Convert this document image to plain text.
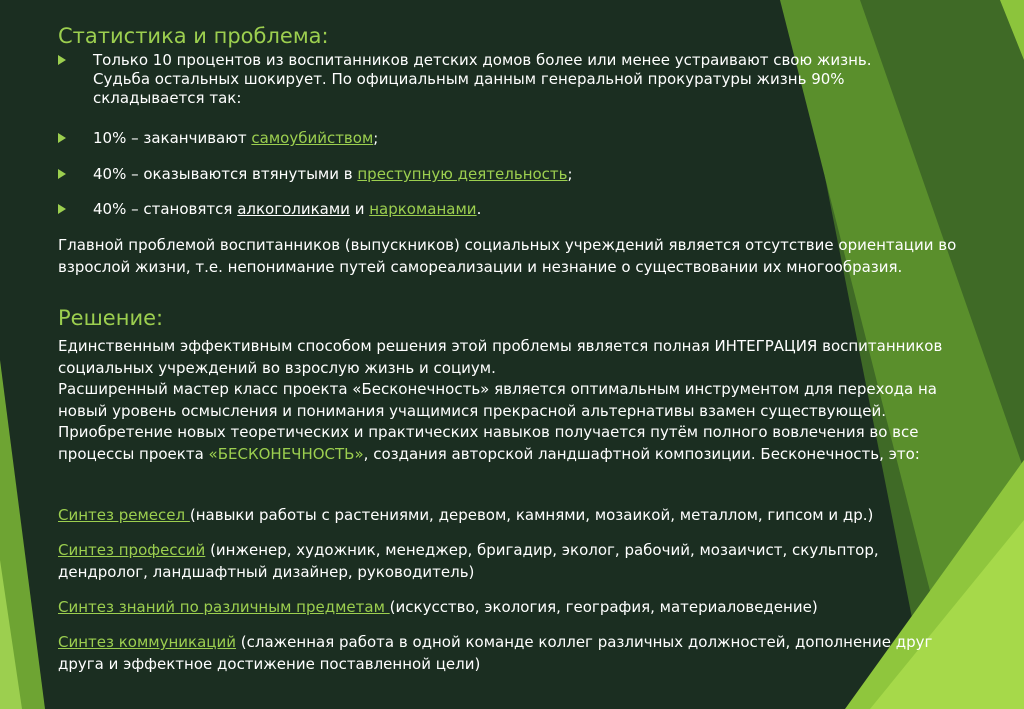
Статистика и проблема:
Только 10 процентов из воспитанников детских домов более или менее устраивают свою жизнь. Судьба остальных шокирует. По официальным данным генеральной прокуратуры жизнь 90% складывается так:
10% – заканчивают самоубийством;
40% – оказываются втянутыми в преступную деятельность;
40% – становятся алкоголиками и наркоманами.
Главной проблемой воспитанников (выпускников) социальных учреждений является отсутствие ориентации во взрослой жизни, т.е. непонимание путей самореализации и незнание о существовании их многообразия.
Решение:
Единственным эффективным способом решения этой проблемы является полная ИНТЕГРАЦИЯ воспитанников социальных учреждений во взрослую жизнь и социум.
Расширенный мастер класс проекта «Бесконечность» является оптимальным инструментом для перехода на новый уровень осмысления и понимания учащимися прекрасной альтернативы взамен существующей. Приобретение новых теоретических и практических навыков получается путём полного вовлечения во все процессы проекта «БЕСКОНЕЧНОСТЬ», создания авторской ландшафтной композиции. Бесконечность, это:
Синтез ремесел (навыки работы с растениями, деревом, камнями, мозаикой, металлом, гипсом и др.)
Синтез профессий (инженер, художник, менеджер, бригадир, эколог, рабочий, мозаичист, скульптор, дендролог, ландшафтный дизайнер, руководитель)
Синтез знаний по различным предметам (искусство, экология, география, материаловедение)
Синтез коммуникаций (слаженная работа в одной команде коллег различных должностей, дополнение друг друга и эффектное достижение поставленной цели)
